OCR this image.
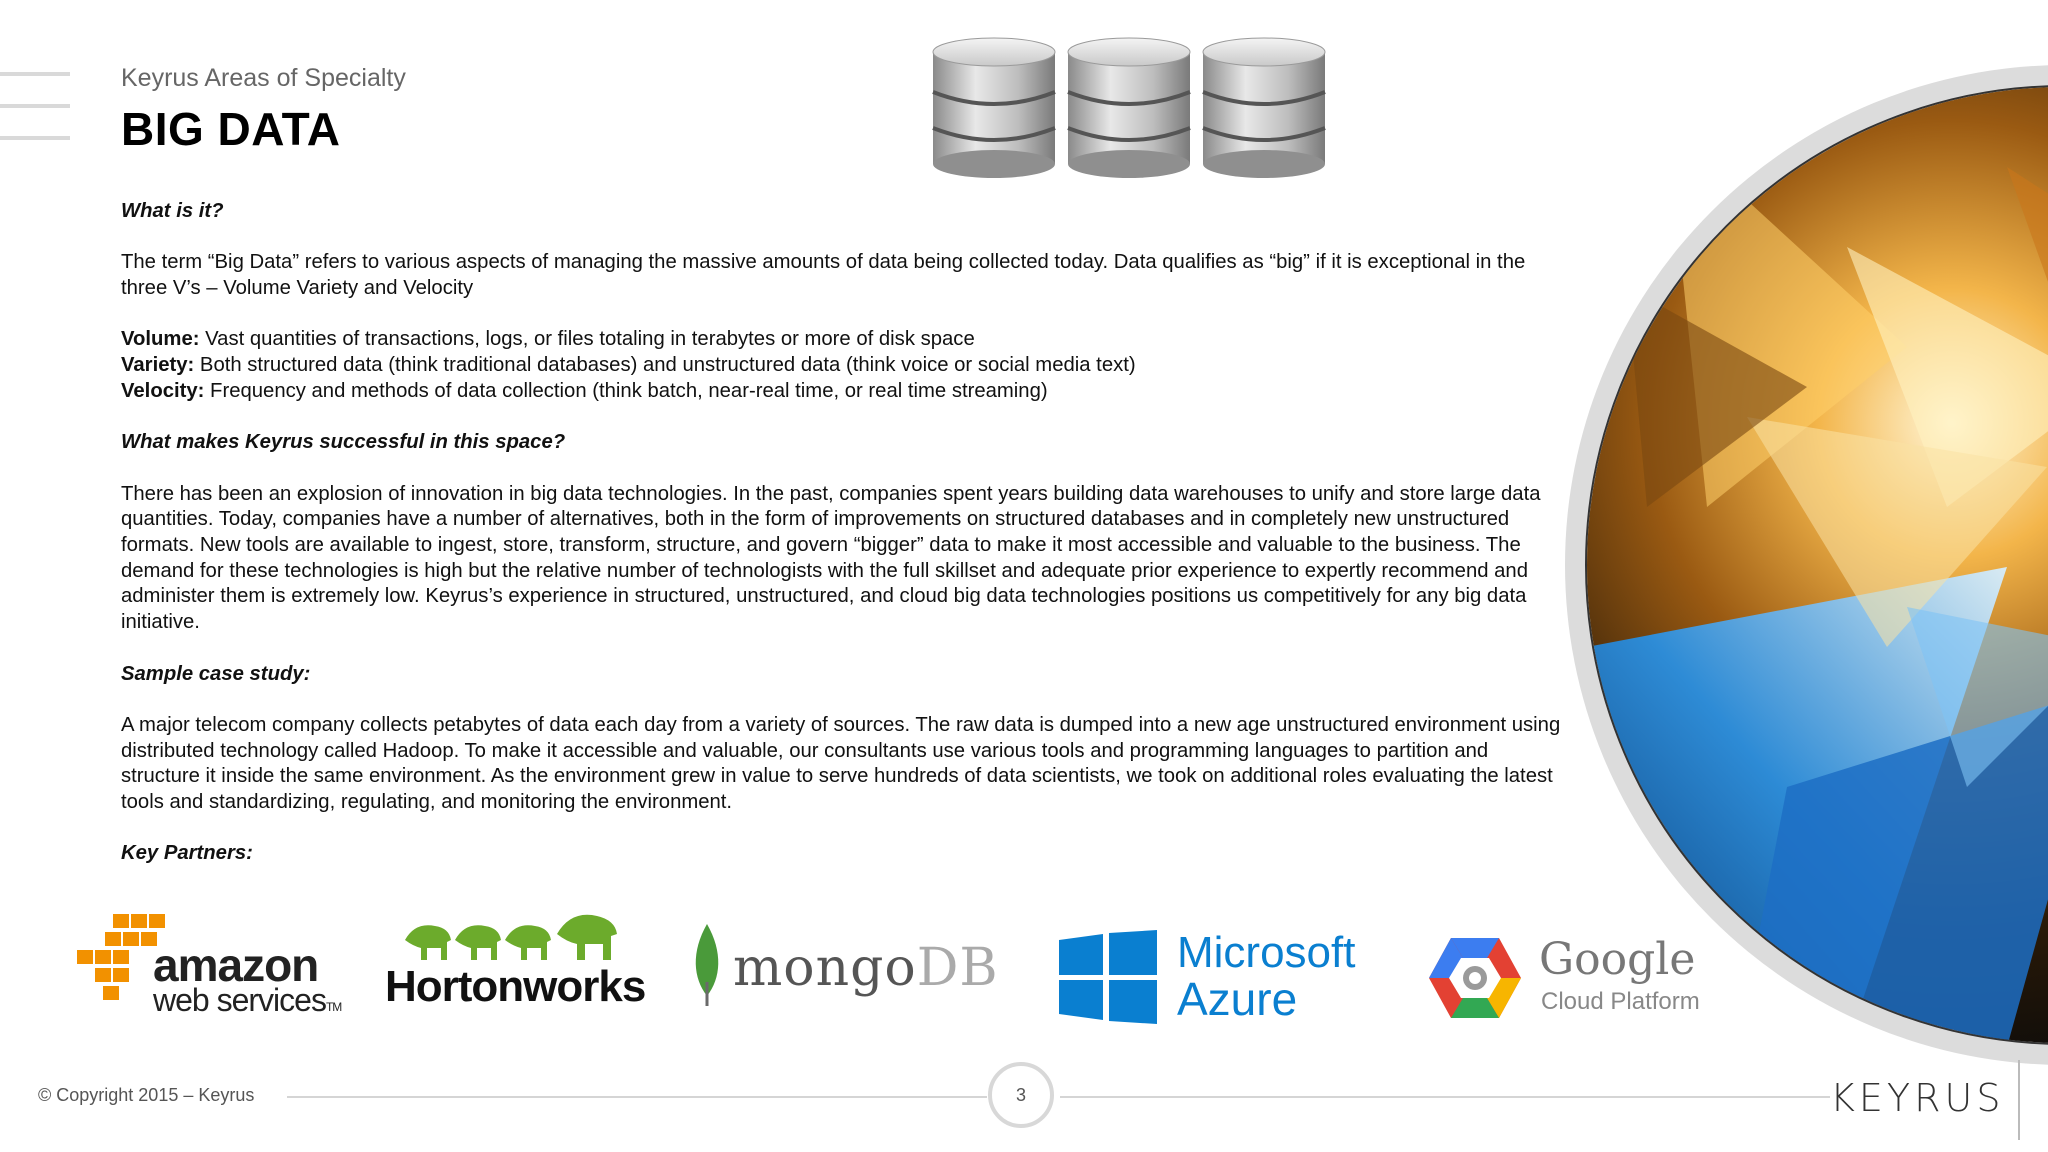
Keyrus Areas of Specialty
BIG DATA

What is it?

The term “Big Data” refers to various aspects of managing the massive amounts of data being collected today. Data qualifies as “big” if it is exceptional in the three V’s – Volume Variety and Velocity

Volume: Vast quantities of transactions, logs, or files totaling in terabytes or more of disk space

Variety: Both structured data (think traditional databases) and unstructured data (think voice or social media text)

Velocity: Frequency and methods of data collection (think batch, near-real time, or real time streaming)

What makes Keyrus successful in this space?

There has been an explosion of innovation in big data technologies. In the past, companies spent years building data warehouses to unify and store large data quantities. Today, companies have a number of alternatives, both in the form of improvements on structured databases and in completely new unstructured formats. New tools are available to ingest, store, transform, structure, and govern “bigger” data to make it most accessible and valuable to the business. The demand for these technologies is high but the relative number of technologists with the full skillset and adequate prior experience to expertly recommend and administer them is extremely low. Keyrus’s experience in structured, unstructured, and cloud big data technologies positions us competitively for any big data initiative.

Sample case study:

A major telecom company collects petabytes of data each day from a variety of sources. The raw data is dumped into a new age unstructured environment using distributed technology called Hadoop. To make it accessible and valuable, our consultants use various tools and programming languages to partition and structure it inside the same environment. As the environment grew in value to serve hundreds of data scientists, we took on additional roles evaluating the latest tools and standardizing, regulating, and monitoring the environment.

Key Partners:

amazon
web servicesTM Hortonworks mongoDB	Microsoft
Azure
Google
Cloud Platform
© Copyright 2015 – Keyrus	3	KEYRUS
